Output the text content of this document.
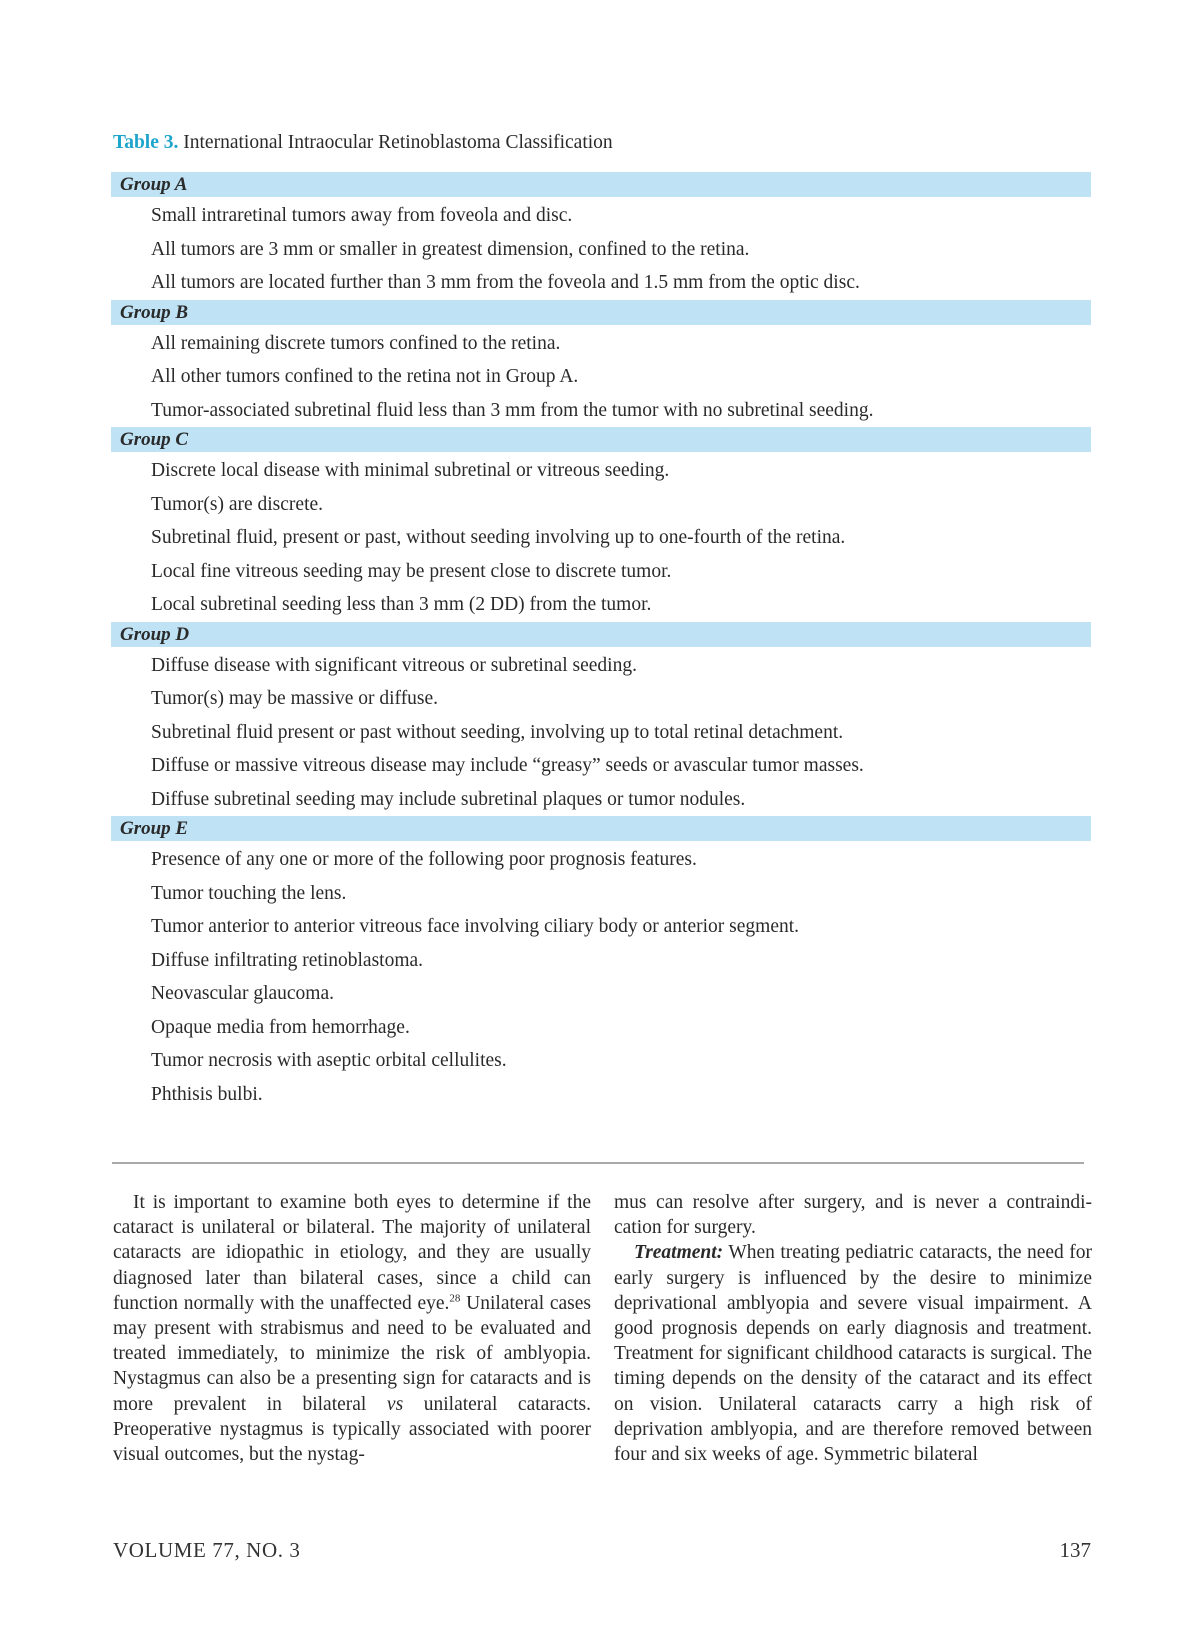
Table 3. International Intraocular Retinoblastoma Classification
Group A
Small intraretinal tumors away from foveola and disc.
All tumors are 3 mm or smaller in greatest dimension, confined to the retina.
All tumors are located further than 3 mm from the foveola and 1.5 mm from the optic disc.
Group B
All remaining discrete tumors confined to the retina.
All other tumors confined to the retina not in Group A.
Tumor-associated subretinal fluid less than 3 mm from the tumor with no subretinal seeding.
Group C
Discrete local disease with minimal subretinal or vitreous seeding.
Tumor(s) are discrete.
Subretinal fluid, present or past, without seeding involving up to one-fourth of the retina.
Local fine vitreous seeding may be present close to discrete tumor.
Local subretinal seeding less than 3 mm (2 DD) from the tumor.
Group D
Diffuse disease with significant vitreous or subretinal seeding.
Tumor(s) may be massive or diffuse.
Subretinal fluid present or past without seeding, involving up to total retinal detachment.
Diffuse or massive vitreous disease may include “greasy” seeds or avascular tumor masses.
Diffuse subretinal seeding may include subretinal plaques or tumor nodules.
Group E
Presence of any one or more of the following poor prognosis features.
Tumor touching the lens.
Tumor anterior to anterior vitreous face involving ciliary body or anterior segment.
Diffuse infiltrating retinoblastoma.
Neovascular glaucoma.
Opaque media from hemorrhage.
Tumor necrosis with aseptic orbital cellulites.
Phthisis bulbi.

It is important to examine both eyes to determine if the cataract is unilateral or bilateral. The majority of unilateral cataracts are idiopathic in etiology, and they are usually diagnosed later than bilateral cases, since a child can function normally with the unaffected eye.$^{28}$ Unilateral cases may present with strabismus and need to be evaluated and treated immediately, to minimize the risk of amblyopia. Nystagmus can also be a presenting sign for cataracts and is more prevalent in bilateral vs unilateral cataracts. Preoperative nystagmus is typically associated with poorer visual outcomes, but the nystag-

mus can resolve after surgery, and is never a contraindi-cation for surgery.

Treatment: When treating pediatric cataracts, the need for early surgery is influenced by the desire to minimize deprivational amblyopia and severe visual impairment. A good prognosis depends on early diagnosis and treatment. Treatment for significant childhood cataracts is surgical. The timing depends on the density of the cataract and its effect on vision. Unilateral cataracts carry a high risk of deprivation amblyopia, and are therefore removed between four and six weeks of age. Symmetric bilateral

VOLUME 77, NO. 3	137
